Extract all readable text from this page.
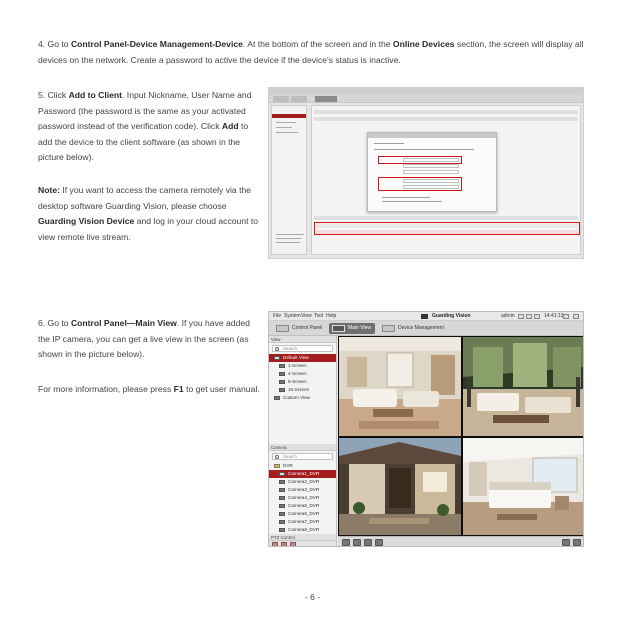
4. Go to Control Panel-Device Management-Device. At the bottom of the screen and in the Online Devices section, the screen will display all devices on the network. Create a password to active the device if the device's status is inactive.
5. Click Add to Client. Input Nickname, User Name and Password (the password is the same as your activated password instead of the verification code). Click Add to add the device to the client software (as shown in the picture below).
Note: If you want to access the camera remotely via the desktop software Guarding Vision, please choose Guarding Vision Device and log in your cloud account to view remote live stream.
6. Go to Control Panel—Main View. If you have added the IP camera, you can get a live view in the screen (as shown in the picture below).
For more information, please press F1 to get user manual.
File System View Tool Help	Guarding Vision	admin	14:41:13
Control Panel	Main View	Device Management
View
Search
Default View
1-Screen
4-Screen
9-Screen
16-Screen
Custom View
Camera
Search
DVR
Camera1_DVR
Camera2_DVR
Camera3_DVR
Camera4_DVR
Camera5_DVR
Camera6_DVR
Camera7_DVR
Camera8_DVR
PTZ Control
- 6 -
